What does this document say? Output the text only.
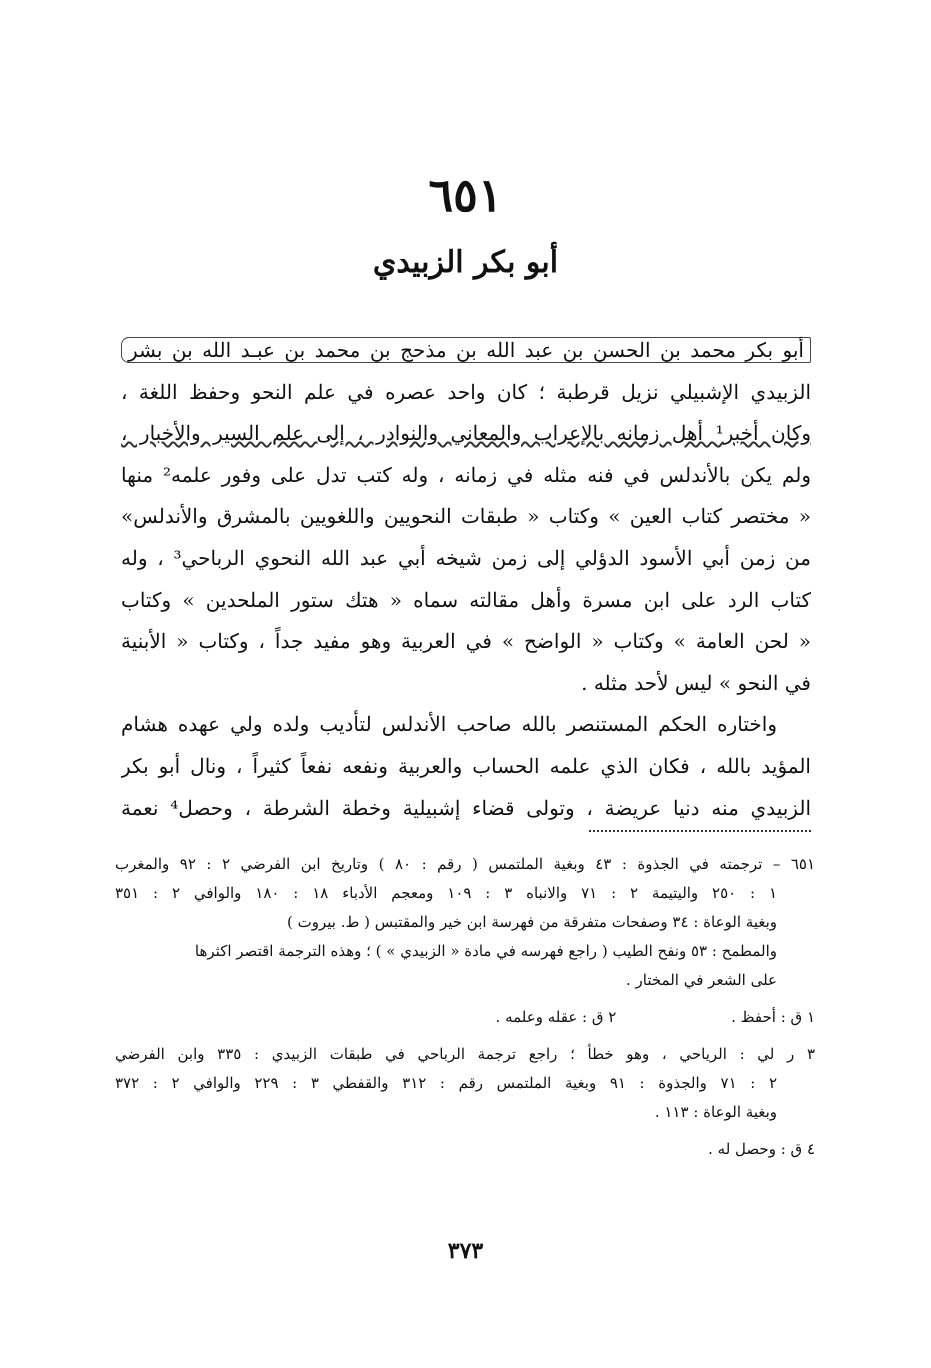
٦٥١
أبو بكر الزبيدي
أبو بكر محمد بن الحسن بن عبد الله بن مذحج بن محمد بن عبـد الله بن بشر
الزبيدي الإشبيلي نزيل قرطبة ؛ كان واحد عصره في علم النحو وحفظ اللغة ،
وكان أخبر¹ أهل زمانه بالإعراب والمعاني والنوادر ، إلى علم السير والأخبار ،
ولم يكن بالأندلس في فنه مثله في زمانه ، وله كتب تدل على وفور علمه² منها
« مختصر كتاب العين » وكتاب « طبقات النحويين واللغويين بالمشرق والأندلس»
من زمن أبي الأسود الدؤلي إلى زمن شيخه أبي عبد الله النحوي الرباحي³ ، وله
كتاب الرد على ابن مسرة وأهل مقالته سماه « هتك ستور الملحدين » وكتاب
« لحن العامة » وكتاب « الواضح » في العربية وهو مفيد جداً ، وكتاب « الأبنية
في النحو » ليس لأحد مثله .
واختاره الحكم المستنصر بالله صاحب الأندلس لتأديب ولده ولي عهده هشام
المؤيد بالله ، فكان الذي علمه الحساب والعربية ونفعه نفعاً كثيراً ، ونال أبو بكر
الزبيدي منه دنيا عريضة ، وتولى قضاء إشبيلية وخطة الشرطة ، وحصل⁴ نعمة
٦٥١ – ترجمته في الجذوة : ٤٣ وبغية الملتمس ( رقم : ٨٠ ) وتاريخ ابن الفرضي ٢ : ٩٢ والمغرب
١ : ٢٥٠ واليتيمة ٢ : ٧١ والانباه ٣ : ١٠٩ ومعجم الأدباء ١٨ : ١٨٠ والوافي ٢ : ٣٥١
وبغية الوعاة : ٣٤ وصفحات متفرقة من فهرسة ابن خير والمقتبس ( ط. بيروت )
والمطمح : ٥٣ ونفح الطيب ( راجع فهرسه في مادة « الزبيدي » ) ؛ وهذه الترجمة اقتصر اكثرها
على الشعر في المختار .
١ ق : أحفظ . ٢ ق : عقله وعلمه .
٣ ر لي : الرياحي ، وهو خطأ ؛ راجع ترجمة الرباحي في طبقات الزبيدي : ٣٣٥ وابن الفرضي
٢ : ٧١ والجذوة : ٩١ وبغية الملتمس رقم : ٣١٢ والقفطي ٣ : ٢٢٩ والوافي ٢ : ٣٧٢
وبغية الوعاة : ١١٣ .
٤ ق : وحصل له .
٣٧٣
